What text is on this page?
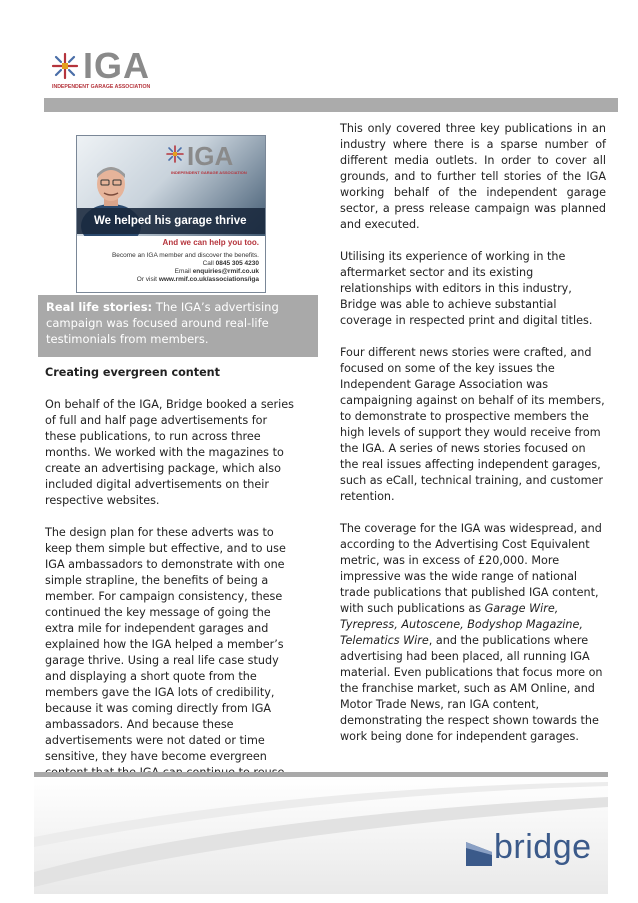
IGA
INDEPENDENT GARAGE ASSOCIATION
IGA
INDEPENDENT GARAGE ASSOCIATION
We helped his garage thrive
And we can help you too.
Become an IGA member and discover the benefits.
Call 0845 305 4230
Email enquiries@rmif.co.uk
Or visit www.rmif.co.uk/associations/iga
Real life stories: The IGA’s advertising campaign was focused around real-life testimonials from members.
Creating evergreen content

On behalf of the IGA, Bridge booked a series of full and half page advertisements for these publications, to run across three months. We worked with the magazines to create an advertising package, which also included digital advertisements on their respective websites.

The design plan for these adverts was to keep them simple but effective, and to use IGA ambassadors to demonstrate with one simple strapline, the benefits of being a member. For campaign consistency, these continued the key message of going the extra mile for independent garages and explained how the IGA helped a member’s garage thrive. Using a real life case study and displaying a short quote from the members gave the IGA lots of credibility, because it was coming directly from IGA ambassadors. And because these advertisements were not dated or time sensitive, they have become evergreen

This only covered three key publications in an industry where there is a sparse number of different media outlets. In order to cover all grounds, and to further tell stories of the IGA working behalf of the independent garage sector, a press release campaign was planned and executed.

Utilising its experience of working in the aftermarket sector and its existing relationships with editors in this industry, Bridge was able to achieve substantial coverage in respected print and digital titles.

Four different news stories were crafted, and focused on some of the key issues the Independent Garage Association was campaigning against on behalf of its members, to demonstrate to prospective members the high levels of support they would receive from the IGA. A series of news stories focused on the real issues affecting independent garages, such as eCall, technical training, and customer retention.

The coverage for the IGA was widespread, and according to the Advertising Cost Equivalent metric, was in excess of £20,000. More impressive was the wide range of national trade publications that published IGA content, with such publications as Garage Wire, Tyrepress, Autoscene, Bodyshop Magazine, Telematics Wire, and the publications where advertising had been placed, all running IGA material. Even publications that focus more on the franchise market, such as AM Online, and Motor Trade News, ran IGA content, demonstrating the respect shown towards the work being done for independent garages.

bridge
